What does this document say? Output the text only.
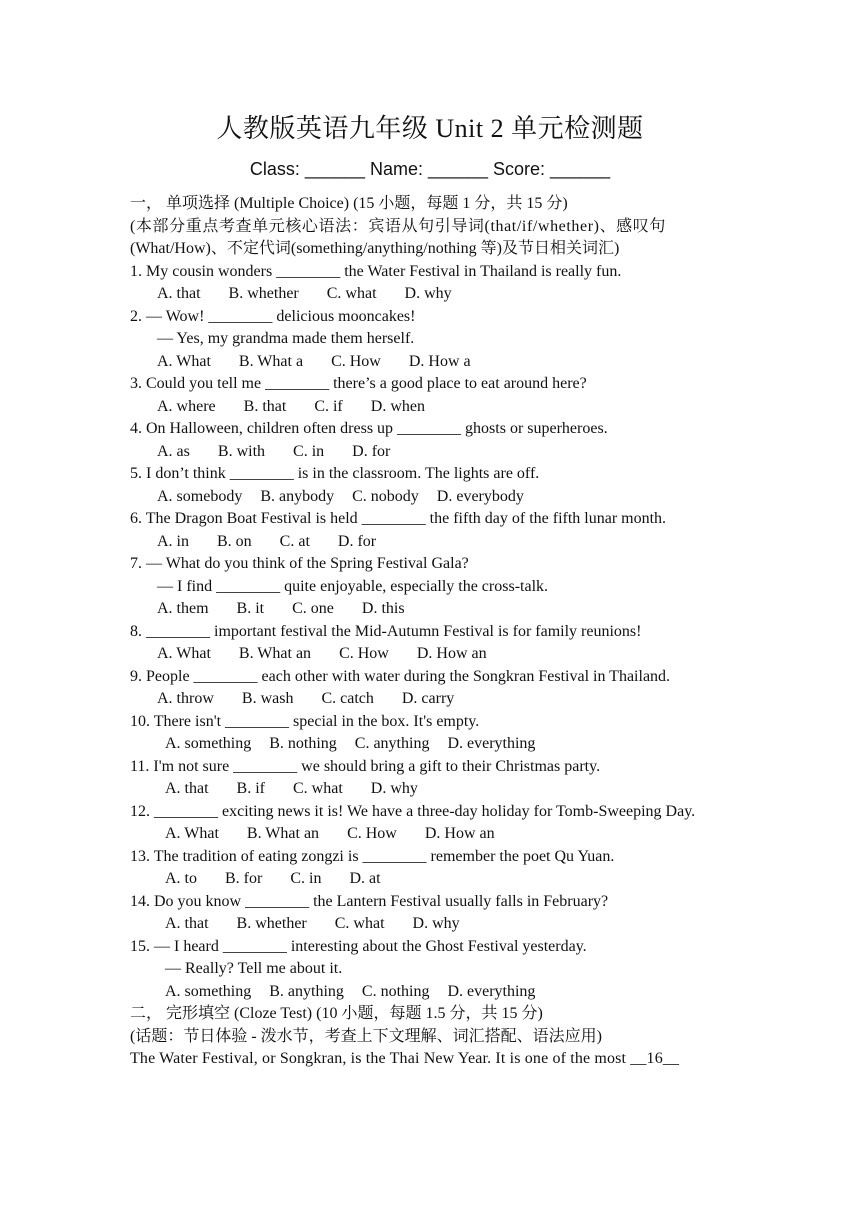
人教版英语九年级 Unit 2 单元检测题
Class: ______ Name: ______ Score: ______
一， 单项选择 (Multiple Choice) (15 小题，每题 1 分，共 15 分)
(本部分重点考查单元核心语法：宾语从句引导词(that/if/whether)、感叹句
(What/How)、不定代词(something/anything/nothing 等)及节日相关词汇)
1. My cousin wonders ________ the Water Festival in Thailand is really fun.
A. that B. whether C. what D. why
2. — Wow! ________ delicious mooncakes!
— Yes, my grandma made them herself.
A. What B. What a C. How D. How a
3. Could you tell me ________ there’s a good place to eat around here?
A. where B. that C. if D. when
4. On Halloween, children often dress up ________ ghosts or superheroes.
A. as B. with C. in D. for
5. I don’t think ________ is in the classroom. The lights are off.
A. somebody B. anybody C. nobody D. everybody
6. The Dragon Boat Festival is held ________ the fifth day of the fifth lunar month.
A. in B. on C. at D. for
7. — What do you think of the Spring Festival Gala?
— I find ________ quite enjoyable, especially the cross-talk.
A. them B. it C. one D. this
8. ________ important festival the Mid-Autumn Festival is for family reunions!
A. What B. What an C. How D. How an
9. People ________ each other with water during the Songkran Festival in Thailand.
A. throw B. wash C. catch D. carry
10. There isn't ________ special in the box. It's empty.
A. something B. nothing C. anything D. everything
11. I'm not sure ________ we should bring a gift to their Christmas party.
A. that B. if C. what D. why
12. ________ exciting news it is! We have a three-day holiday for Tomb-Sweeping Day.
A. What B. What an C. How D. How an
13. The tradition of eating zongzi is ________ remember the poet Qu Yuan.
A. to B. for C. in D. at
14. Do you know ________ the Lantern Festival usually falls in February?
A. that B. whether C. what D. why
15. — I heard ________ interesting about the Ghost Festival yesterday.
— Really? Tell me about it.
A. something B. anything C. nothing D. everything
二， 完形填空 (Cloze Test) (10 小题，每题 1.5 分，共 15 分)
(话题：节日体验 - 泼水节，考查上下文理解、词汇搭配、语法应用)
The Water Festival, or Songkran, is the Thai New Year. It is one of the most __16__
